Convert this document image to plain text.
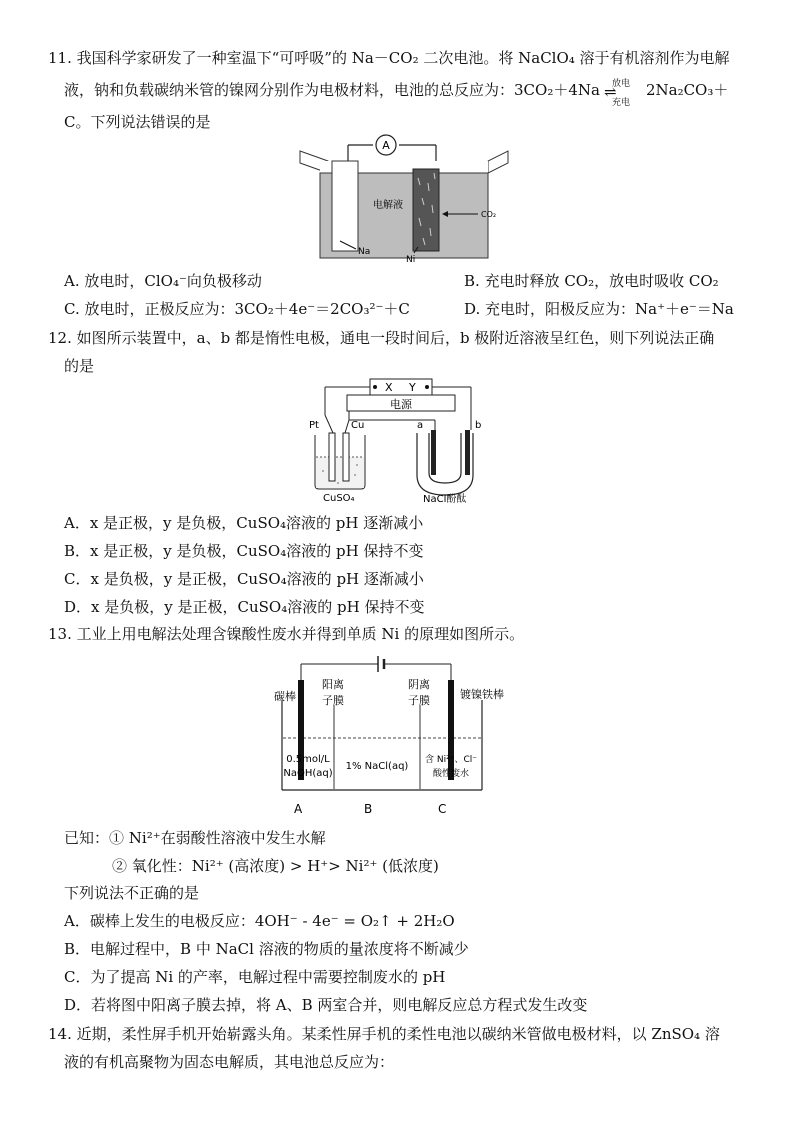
11. 我国科学家研发了一种室温下“可呼吸”的 Na－CO₂ 二次电池。将 NaClO₄ 溶于有机溶剂作为电解
液，钠和负载碳纳米管的镍网分别作为电极材料，电池的总反应为：3CO₂＋4Na 放电
⇌
充电
2Na₂CO₃＋
C。下列说法错误的是
A
电解液
CO₂
Na
Ni
A. 放电时，ClO₄⁻向负极移动	B. 充电时释放 CO₂，放电时吸收 CO₂
C. 放电时，正极反应为：3CO₂＋4e⁻＝2CO₃²⁻＋C	D. 充电时，阳极反应为：Na⁺＋e⁻＝Na
12. 如图所示装置中，a、b 都是惰性电极，通电一段时间后，b 极附近溶液呈红色，则下列说法正确
的是
X Y
电源
Pt	Cu
CuSO₄
a	b
NaCl酚酞
A．x 是正极，y 是负极，CuSO₄溶液的 pH 逐渐减小
B．x 是正极，y 是负极，CuSO₄溶液的 pH 保持不变
C．x 是负极，y 是正极，CuSO₄溶液的 pH 逐渐减小
D．x 是负极，y 是正极，CuSO₄溶液的 pH 保持不变
13. 工业上用电解法处理含镍酸性废水并得到单质 Ni 的原理如图所示。
碳棒
阳离
子膜
阴离
子膜	镀镍铁棒
0.5mol/L
NaOH(aq)
1% NaCl(aq)
含 Ni²⁺、Cl⁻
酸性废水
A	B	C
已知：① Ni²⁺在弱酸性溶液中发生水解
② 氧化性：Ni²⁺ (高浓度) > H⁺> Ni²⁺ (低浓度)
下列说法不正确的是
A．碳棒上发生的电极反应：4OH⁻ - 4e⁻ = O₂↑ + 2H₂O
B．电解过程中，B 中 NaCl 溶液的物质的量浓度将不断减少
C．为了提高 Ni 的产率，电解过程中需要控制废水的 pH
D．若将图中阳离子膜去掉，将 A、B 两室合并，则电解反应总方程式发生改变
14. 近期，柔性屏手机开始崭露头角。某柔性屏手机的柔性电池以碳纳米管做电极材料，以 ZnSO₄ 溶
液的有机高聚物为固态电解质，其电池总反应为：
